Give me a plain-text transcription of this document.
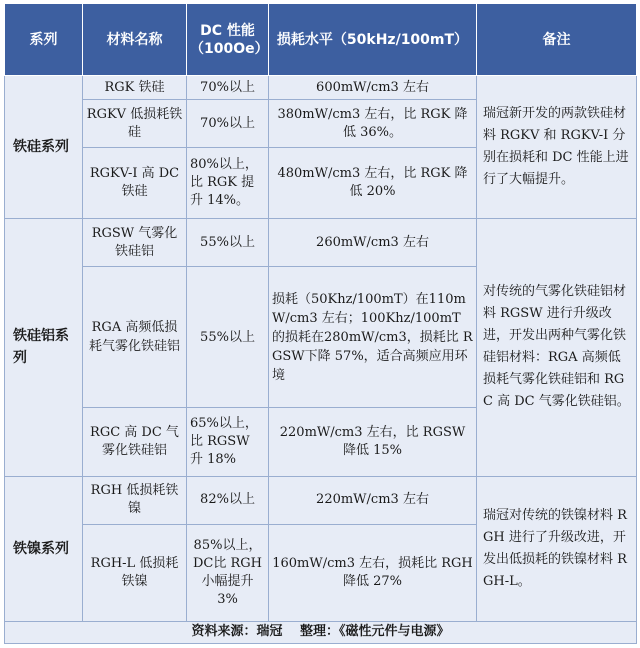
系列	材料名称	DC 性能（100Oe）	损耗水平（50kHz/100mT）	备注
铁硅系列	RGK 铁硅	70%以上	600mW/cm3 左右	瑞冠新开发的两款铁硅材料 RGKV 和 RGKV-I 分别在损耗和 DC 性能上进行了大幅提升。
	RGKV 低损耗铁硅	70%以上	380mW/cm3 左右，比 RGK 降低 36%。	
	RGKV-I 高 DC 铁硅	80%以上，比 RGK 提升 14%。	480mW/cm3 左右，比 RGK 降低 20%	
铁硅铝系列	RGSW 气雾化铁硅铝	55%以上	260mW/cm3 左右	对传统的气雾化铁硅铝材料 RGSW 进行升级改进，开发出两种气雾化铁硅铝材料：RGA 高频低损耗气雾化铁硅铝和 RGC 高 DC 气雾化铁硅铝。
	RGA 高频低损耗气雾化铁硅铝	55%以上	损耗（50Khz/100mT）在110mW/cm3 左右；100Khz/100mT 的损耗在280mW/cm3，损耗比 RGSW下降 57%，适合高频应用环境	
	RGC 高 DC 气雾化铁硅铝	65%以上，比 RGSW 升 18%	220mW/cm3 左右，比 RGSW 降低 15%	
铁镍系列	RGH 低损耗铁镍	82%以上	220mW/cm3 左右	瑞冠对传统的铁镍材料 RGH 进行了升级改进，开发出低损耗的铁镍材料 RGH-L。
	RGH-L 低损耗铁镍	85%以上，DC比 RGH 小幅提升 3%	160mW/cm3 左右，损耗比 RGH 降低 27%	
资料来源：瑞冠 　整理：《磁性元件与电源》				
